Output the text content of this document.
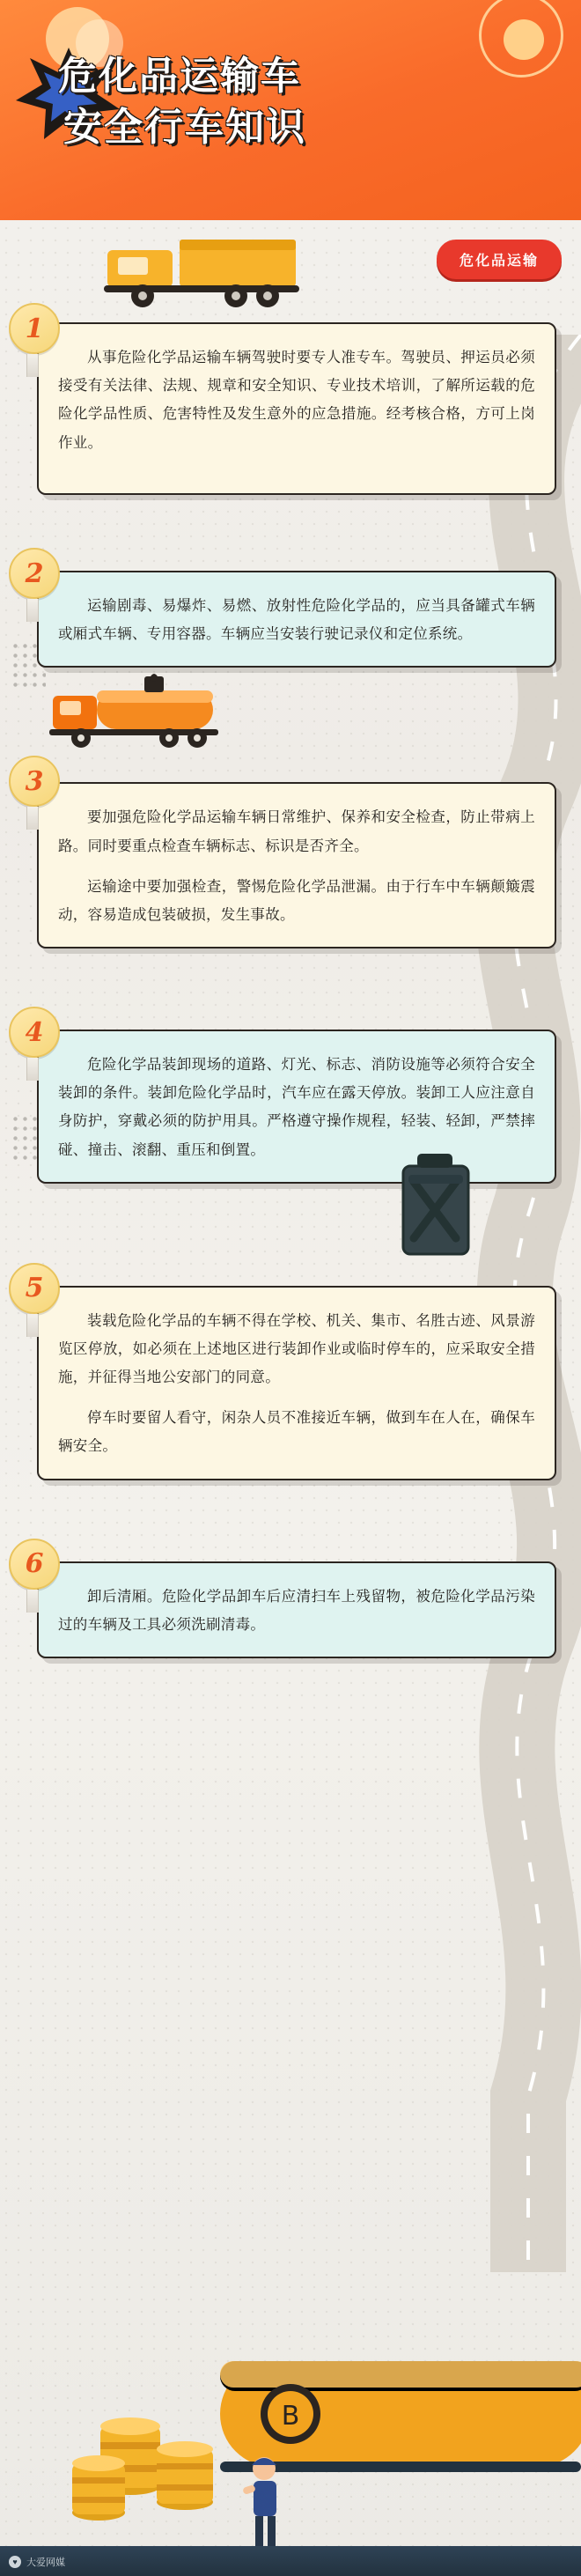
危化品运输车
安全行车知识
危化品运输
1

从事危险化学品运输车辆驾驶时要专人准专车。驾驶员、押运员必须接受有关法律、法规、规章和安全知识、专业技术培训，了解所运载的危险化学品性质、危害特性及发生意外的应急措施。经考核合格，方可上岗作业。

2

运输剧毒、易爆炸、易燃、放射性危险化学品的，应当具备罐式车辆或厢式车辆、专用容器。车辆应当安装行驶记录仪和定位系统。

3

要加强危险化学品运输车辆日常维护、保养和安全检查，防止带病上路。同时要重点检查车辆标志、标识是否齐全。

运输途中要加强检查，警惕危险化学品泄漏。由于行车中车辆颠簸震动，容易造成包装破损，发生事故。

4

危险化学品装卸现场的道路、灯光、标志、消防设施等必须符合安全装卸的条件。装卸危险化学品时，汽车应在露天停放。装卸工人应注意自身防护，穿戴必须的防护用具。严格遵守操作规程，轻装、轻卸，严禁摔碰、撞击、滚翻、重压和倒置。

5

装载危险化学品的车辆不得在学校、机关、集市、名胜古迹、风景游览区停放，如必须在上述地区进行装卸作业或临时停车的，应采取安全措施，并征得当地公安部门的同意。

停车时要留人看守，闲杂人员不准接近车辆，做到车在人在，确保车辆安全。

6

卸后清厢。危险化学品卸车后应清扫车上残留物，被危险化学品污染过的车辆及工具必须洗刷清毒。

B
♥ 大爱网媒
